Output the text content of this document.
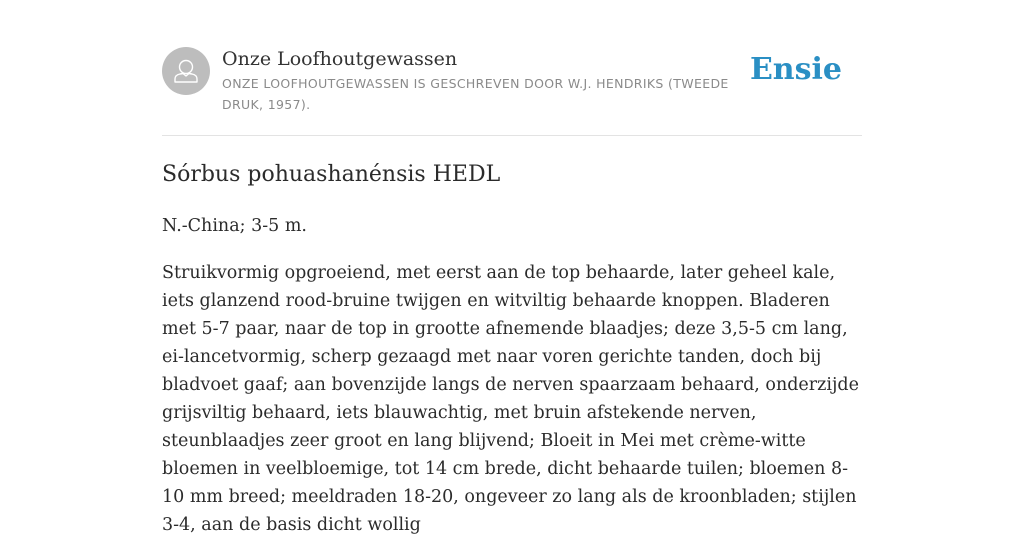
Onze Loofhoutgewassen
ONZE LOOFHOUTGEWASSEN IS GESCHREVEN DOOR W.J. HENDRIKS (TWEEDE DRUK, 1957).
Ensie
Sórbus pohuashanénsis HEDL

N.-China; 3-5 m.

Struikvormig opgroeiend, met eerst aan de top behaarde, later geheel kale, iets glanzend rood-bruine twijgen en witviltig behaarde knoppen. Bladeren met 5-7 paar, naar de top in grootte afnemende blaadjes; deze 3,5-5 cm lang, ei-lancetvormig, scherp gezaagd met naar voren gerichte tanden, doch bij bladvoet gaaf; aan bovenzijde langs de nerven spaarzaam behaard, onderzijde grijsviltig behaard, iets blauwachtig, met bruin afstekende nerven, steunblaadjes zeer groot en lang blijvend; Bloeit in Mei met crème-witte bloemen in veelbloemige, tot 14 cm brede, dicht behaarde tuilen; bloemen 8-10 mm breed; meeldraden 18-20, ongeveer zo lang als de kroonbladen; stijlen 3-4, aan de basis dicht wollig
